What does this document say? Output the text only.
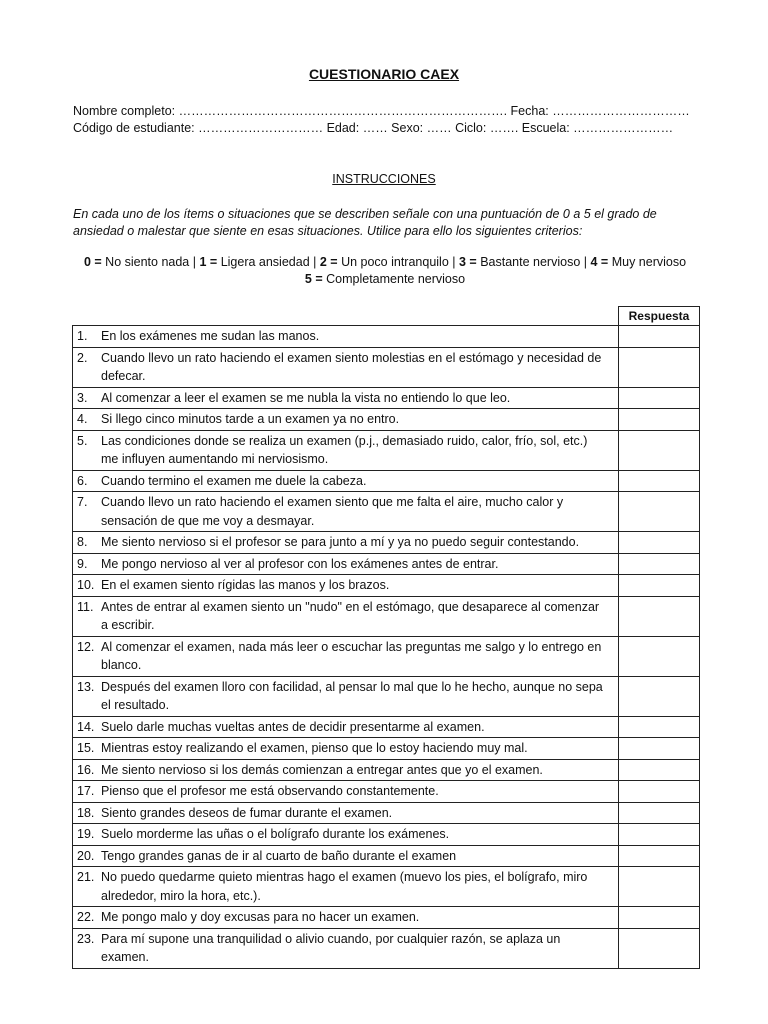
CUESTIONARIO CAEX
Nombre completo: ……………………………………………………………………. Fecha: ……………………………
Código de estudiante: ………………………… Edad: …… Sexo: …… Ciclo: ……. Escuela: ……………………
INSTRUCCIONES
En cada uno de los ítems o situaciones que se describen señale con una puntuación de 0 a 5 el grado de ansiedad o malestar que siente en esas situaciones. Utilice para ello los siguientes criterios:
0 = No siento nada | 1 = Ligera ansiedad | 2 = Un poco intranquilo | 3 = Bastante nervioso | 4 = Muy nervioso
5 = Completamente nervioso
	Respuesta
1. En los exámenes me sudan las manos.	
2. Cuando llevo un rato haciendo el examen siento molestias en el estómago y necesidad de defecar.	
3. Al comenzar a leer el examen se me nubla la vista no entiendo lo que leo.	
4. Si llego cinco minutos tarde a un examen ya no entro.	
5. Las condiciones donde se realiza un examen (p.j., demasiado ruido, calor, frío, sol, etc.) me influyen aumentando mi nerviosismo.	
6. Cuando termino el examen me duele la cabeza.	
7. Cuando llevo un rato haciendo el examen siento que me falta el aire, mucho calor y sensación de que me voy a desmayar.	
8. Me siento nervioso si el profesor se para junto a mí y ya no puedo seguir contestando.	
9. Me pongo nervioso al ver al profesor con los exámenes antes de entrar.	
10. En el examen siento rígidas las manos y los brazos.	
11. Antes de entrar al examen siento un "nudo" en el estómago, que desaparece al comenzar a escribir.	
12. Al comenzar el examen, nada más leer o escuchar las preguntas me salgo y lo entrego en blanco.	
13. Después del examen lloro con facilidad, al pensar lo mal que lo he hecho, aunque no sepa el resultado.	
14. Suelo darle muchas vueltas antes de decidir presentarme al examen.	
15. Mientras estoy realizando el examen, pienso que lo estoy haciendo muy mal.	
16. Me siento nervioso si los demás comienzan a entregar antes que yo el examen.	
17. Pienso que el profesor me está observando constantemente.	
18. Siento grandes deseos de fumar durante el examen.	
19. Suelo morderme las uñas o el bolígrafo durante los exámenes.	
20. Tengo grandes ganas de ir al cuarto de baño durante el examen	
21. No puedo quedarme quieto mientras hago el examen (muevo los pies, el bolígrafo, miro alrededor, miro la hora, etc.).	
22. Me pongo malo y doy excusas para no hacer un examen.	
23. Para mí supone una tranquilidad o alivio cuando, por cualquier razón, se aplaza un examen.	
